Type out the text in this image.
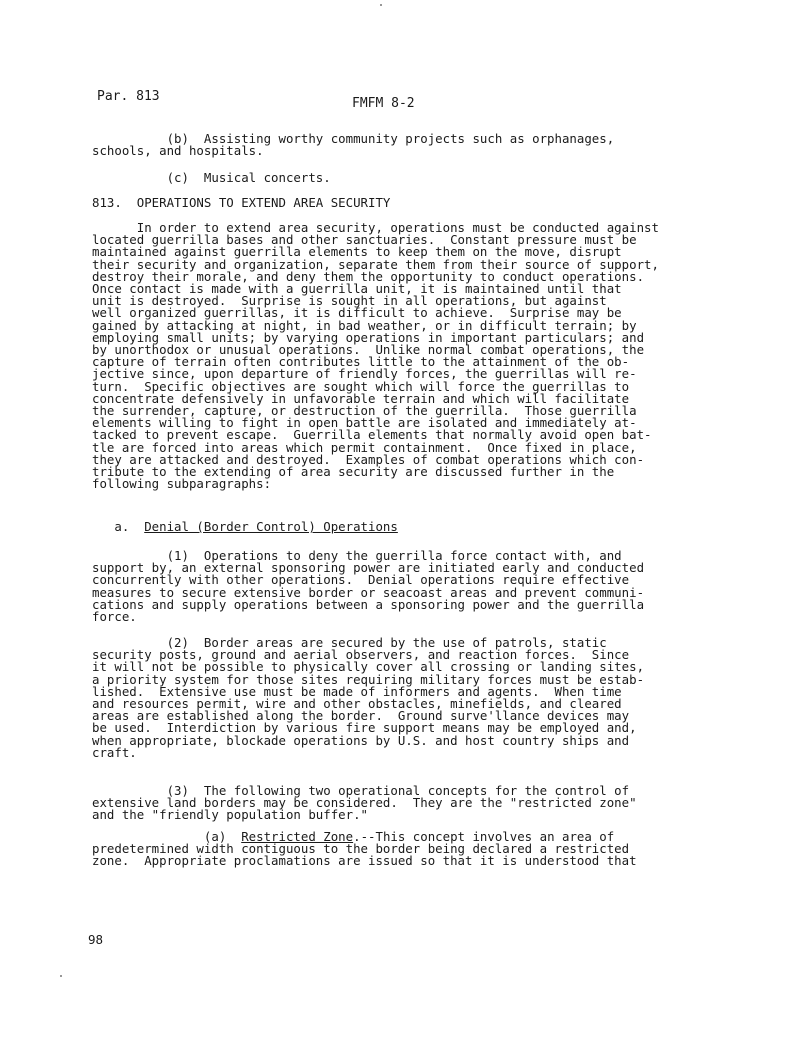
Par. 813	FMFM 8-2

(b)  Assisting worthy community projects such as orphanages,

schools, and hospitals.

(c)  Musical concerts.

813.  OPERATIONS TO EXTEND AREA SECURITY

In order to extend area security, operations must be conducted against

located guerrilla bases and other sanctuaries.  Constant pressure must be

maintained against guerrilla elements to keep them on the move, disrupt

their security and organization, separate them from their source of support,

destroy their morale, and deny them the opportunity to conduct operations.

Once contact is made with a guerrilla unit, it is maintained until that

unit is destroyed.  Surprise is sought in all operations, but against

well organized guerrillas, it is difficult to achieve.  Surprise may be

gained by attacking at night, in bad weather, or in difficult terrain; by

employing small units; by varying operations in important particulars; and

by unorthodox or unusual operations.  Unlike normal combat operations, the

capture of terrain often contributes little to the attainment of the ob-

jective since, upon departure of friendly forces, the guerrillas will re-

turn.  Specific objectives are sought which will force the guerrillas to

concentrate defensively in unfavorable terrain and which will facilitate

the surrender, capture, or destruction of the guerrilla.  Those guerrilla

elements willing to fight in open battle are isolated and immediately at-

tacked to prevent escape.  Guerrilla elements that normally avoid open bat-

tle are forced into areas which permit containment.  Once fixed in place,

they are attacked and destroyed.  Examples of combat operations which con-

tribute to the extending of area security are discussed further in the

following subparagraphs:

a.  Denial (Border Control) Operations

(1)  Operations to deny the guerrilla force contact with, and

support by, an external sponsoring power are initiated early and conducted

concurrently with other operations.  Denial operations require effective

measures to secure extensive border or seacoast areas and prevent communi-

cations and supply operations between a sponsoring power and the guerrilla

force.

(2)  Border areas are secured by the use of patrols, static

security posts, ground and aerial observers, and reaction forces.  Since

it will not be possible to physically cover all crossing or landing sites,

a priority system for those sites requiring military forces must be estab-

lished.  Extensive use must be made of informers and agents.  When time

and resources permit, wire and other obstacles, minefields, and cleared

areas are established along the border.  Ground surve'llance devices may

be used.  Interdiction by various fire support means may be employed and,

when appropriate, blockade operations by U.S. and host country ships and

craft.

(3)  The following two operational concepts for the control of

extensive land borders may be considered.  They are the "restricted zone"

and the "friendly population buffer."

(a)  Restricted Zone.--This concept involves an area of

predetermined width contiguous to the border being declared a restricted

zone.  Appropriate proclamations are issued so that it is understood that

98
